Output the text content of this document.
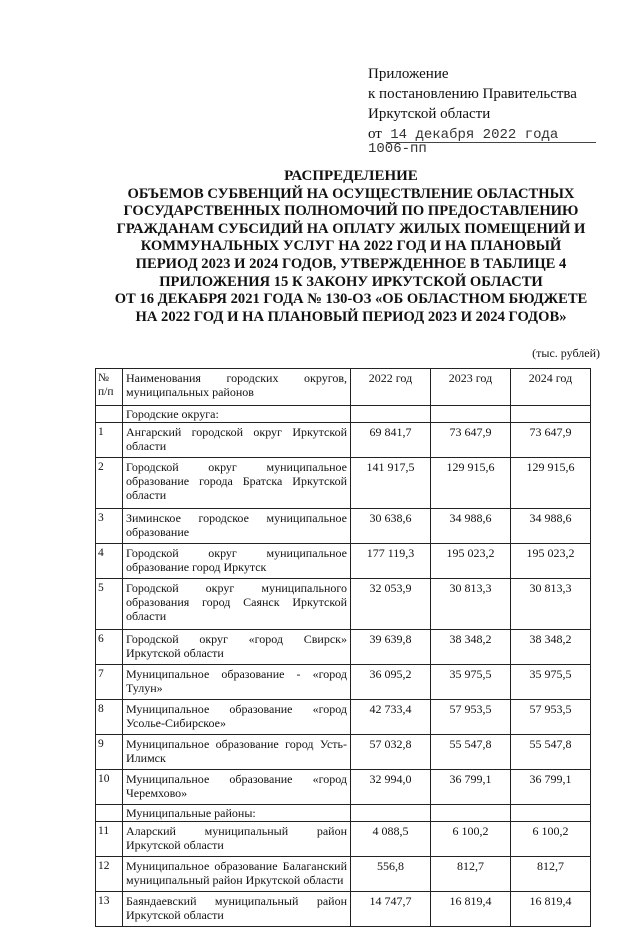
Приложение
к постановлению Правительства
Иркутской области
от 14 декабря 2022 года
1006-пп
РАСПРЕДЕЛЕНИЕ
ОБЪЕМОВ СУБВЕНЦИЙ НА ОСУЩЕСТВЛЕНИЕ ОБЛАСТНЫХ
ГОСУДАРСТВЕННЫХ ПОЛНОМОЧИЙ ПО ПРЕДОСТАВЛЕНИЮ
ГРАЖДАНАМ СУБСИДИЙ НА ОПЛАТУ ЖИЛЫХ ПОМЕЩЕНИЙ И
КОММУНАЛЬНЫХ УСЛУГ НА 2022 ГОД И НА ПЛАНОВЫЙ
ПЕРИОД 2023 И 2024 ГОДОВ, УТВЕРЖДЕННОЕ В ТАБЛИЦЕ 4
ПРИЛОЖЕНИЯ 15 К ЗАКОНУ ИРКУТСКОЙ ОБЛАСТИ
ОТ 16 ДЕКАБРЯ 2021 ГОДА № 130-ОЗ «ОБ ОБЛАСТНОМ БЮДЖЕТЕ
НА 2022 ГОД И НА ПЛАНОВЫЙ ПЕРИОД 2023 И 2024 ГОДОВ»
(тыс. рублей)
№ п/п	Наименования городских округов, муниципальных районов	2022 год	2023 год	2024 год
	Городские округа:			
1	Ангарский городской округ Иркутской области	69 841,7	73 647,9	73 647,9
2	Городской округ муниципальное образование города Братска Иркутской области	141 917,5	129 915,6	129 915,6
3	Зиминское городское муниципальное образование	30 638,6	34 988,6	34 988,6
4	Городской округ муниципальное образование город Иркутск	177 119,3	195 023,2	195 023,2
5	Городской округ муниципального образования город Саянск Иркутской области	32 053,9	30 813,3	30 813,3
6	Городской округ «город Свирск» Иркутской области	39 639,8	38 348,2	38 348,2
7	Муниципальное образование - «город Тулун»	36 095,2	35 975,5	35 975,5
8	Муниципальное образование «город Усолье-Сибирское»	42 733,4	57 953,5	57 953,5
9	Муниципальное образование город Усть-Илимск	57 032,8	55 547,8	55 547,8
10	Муниципальное образование «город Черемхово»	32 994,0	36 799,1	36 799,1
	Муниципальные районы:			
11	Аларский муниципальный район Иркутской области	4 088,5	6 100,2	6 100,2
12	Муниципальное образование Балаганский муниципальный район Иркутской области	556,8	812,7	812,7
13	Баяндаевский муниципальный район Иркутской области	14 747,7	16 819,4	16 819,4
